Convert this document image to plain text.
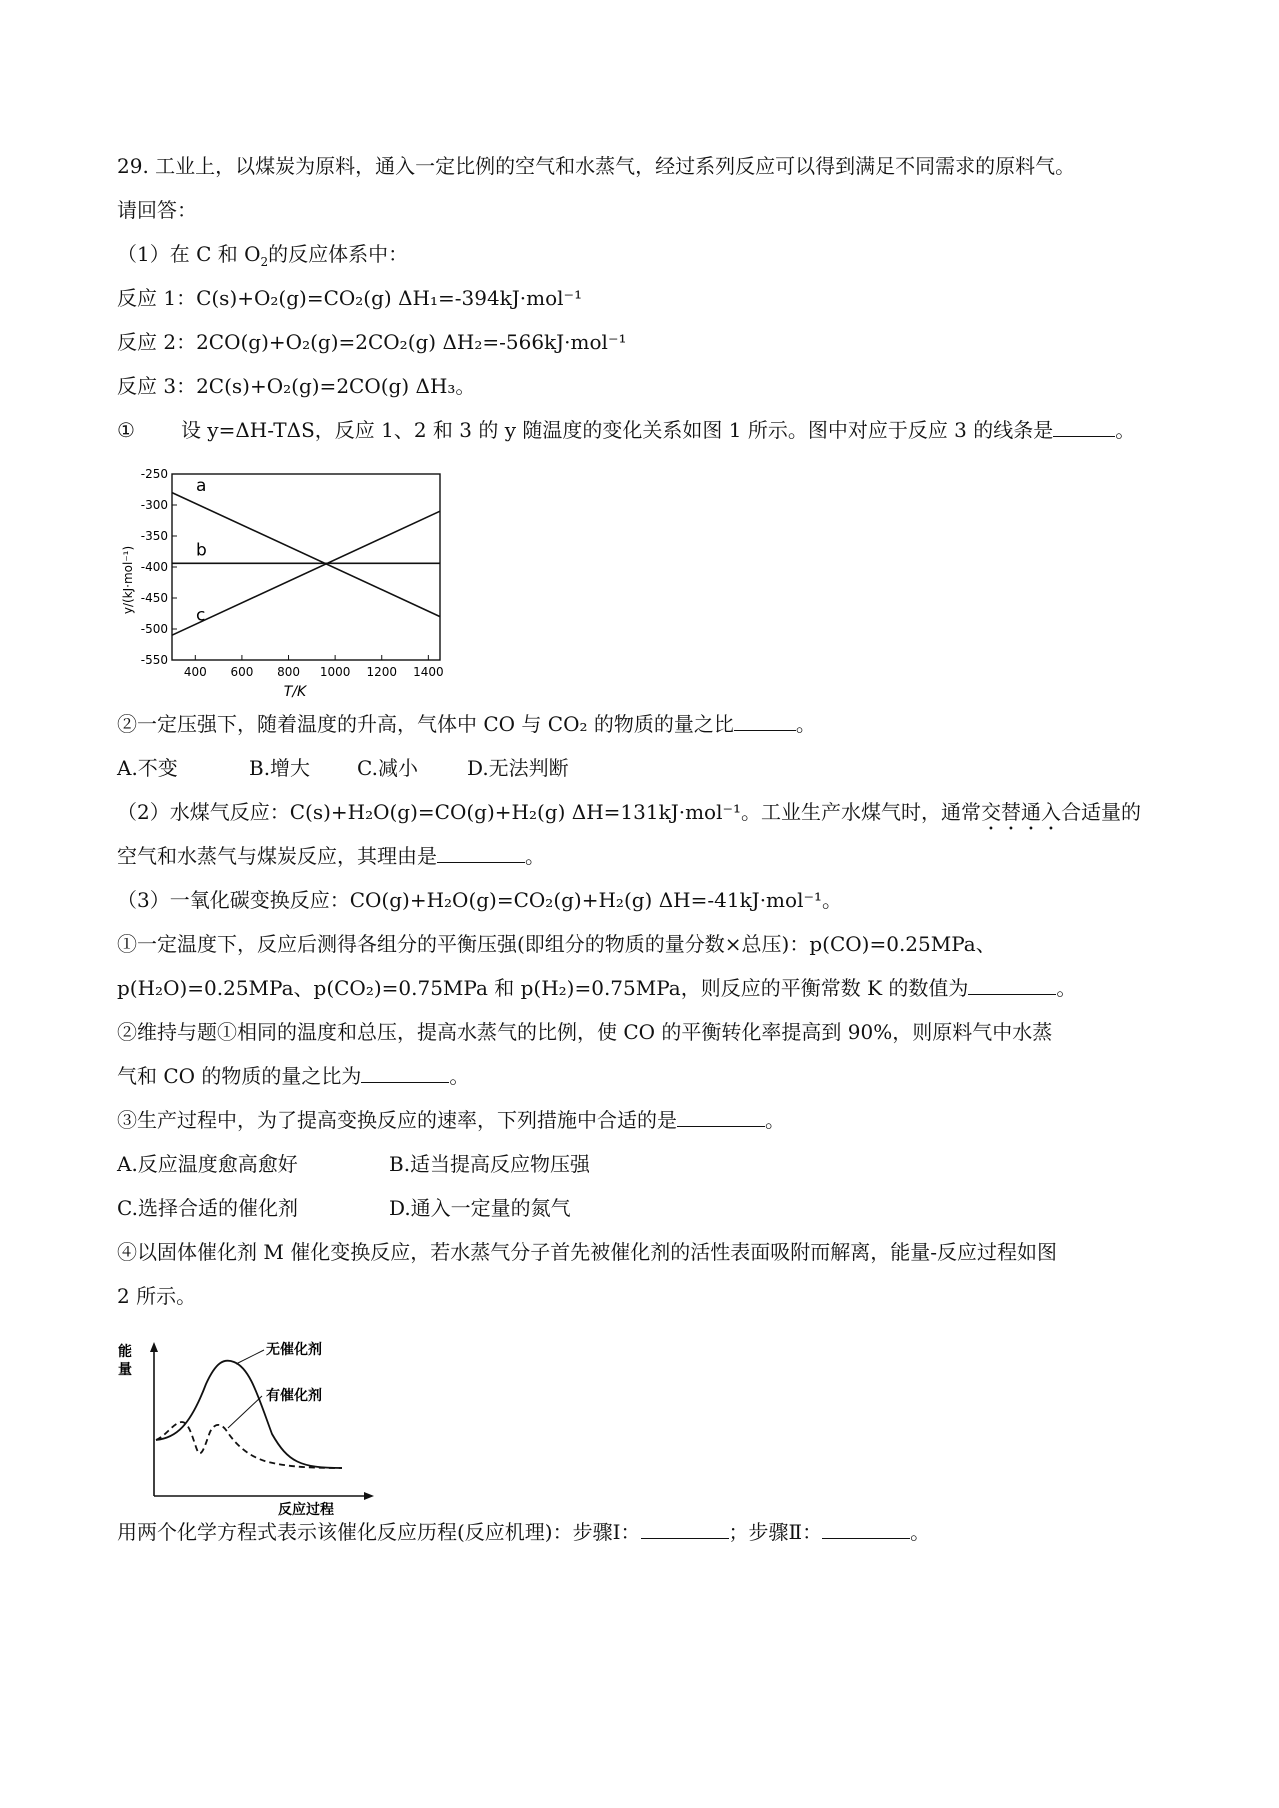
29. 工业上，以煤炭为原料，通入一定比例的空气和水蒸气，经过系列反应可以得到满足不同需求的原料气。
请回答：
（1）在 C 和 $O_2$的反应体系中：
反应 1：C(s)+O₂(g)=CO₂(g) ΔH₁=-394kJ·mol⁻¹
反应 2：2CO(g)+O₂(g)=2CO₂(g) ΔH₂=-566kJ·mol⁻¹
反应 3：2C(s)+O₂(g)=2CO(g) ΔH₃。
① 设 y=ΔH-TΔS，反应 1、2 和 3 的 y 随温度的变化关系如图 1 所示。图中对应于反应 3 的线条是	。
-250
-300
-350
-400
-450
-500
-550
400 600 800 1000 1200 1400
a
b
c
T/K
y/(kJ·mol⁻¹)
②一定压强下，随着温度的升高，气体中 CO 与 CO₂ 的物质的量之比	。
A.不变	B.增大 C.减小 D.无法判断
（2）水煤气反应：C(s)+H₂O(g)=CO(g)+H₂(g) ΔH=131kJ·mol⁻¹。工业生产水煤气时，通常交替通入合适量的
空气和水蒸气与煤炭反应，其理由是	。
（3）一氧化碳变换反应：CO(g)+H₂O(g)=CO₂(g)+H₂(g) ΔH=-41kJ·mol⁻¹。
①一定温度下，反应后测得各组分的平衡压强(即组分的物质的量分数×总压)：p(CO)=0.25MPa、
p(H₂O)=0.25MPa、p(CO₂)=0.75MPa 和 p(H₂)=0.75MPa，则反应的平衡常数 K 的数值为	。
②维持与题①相同的温度和总压，提高水蒸气的比例，使 CO 的平衡转化率提高到 90%，则原料气中水蒸
气和 CO 的物质的量之比为	。
③生产过程中，为了提高变换反应的速率，下列措施中合适的是	。
A.反应温度愈高愈好	B.适当提高反应物压强
C.选择合适的催化剂	D.通入一定量的氮气
④以固体催化剂 M 催化变换反应，若水蒸气分子首先被催化剂的活性表面吸附而解离，能量-反应过程如图
2 所示。
无催化剂
有催化剂
能量
反应过程
用两个化学方程式表示该催化反应历程(反应机理)：步骤Ⅰ：	；步骤Ⅱ：	。
